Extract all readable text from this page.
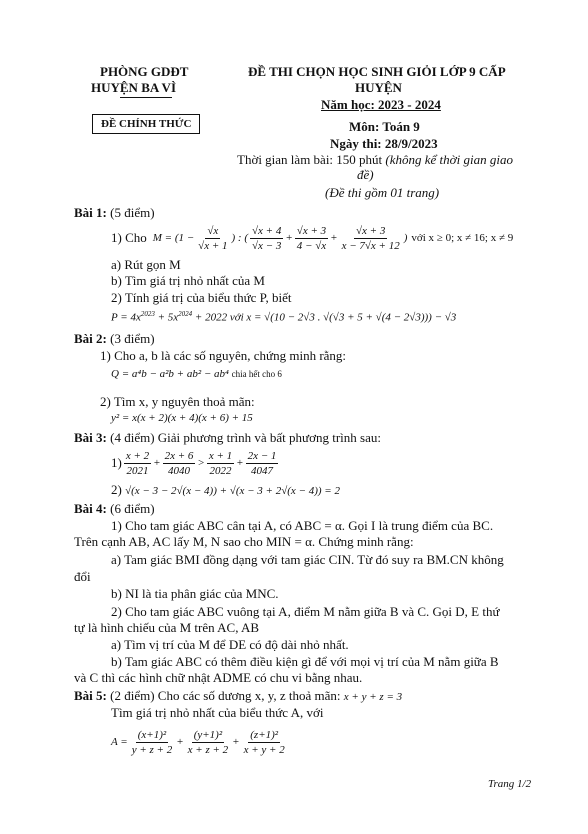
PHÒNG GDĐT
HUYỆN BA VÌ
ĐỀ CHÍNH THỨC
ĐỀ THI CHỌN HỌC SINH GIỎI LỚP 9 CẤP
HUYỆN
Năm học: 2023 - 2024
Môn: Toán 9
Ngày thi: 28/9/2023
Thời gian làm bài: 150 phút (không kể thời gian giao
đề)
(Đề thi gồm 01 trang)
Bài 1: (5 điểm)
1) Cho $M = (1 - \frac{√x}{√x + 1}$ ) : ( $\frac{√x + 4}{√x - 3} + \frac{√x + 3}{4 - √x} + \frac{√x + 3}{x - 7√x + 12}$ ) với x ≥ 0; x ≠ 16; x ≠ 9
a) Rút gọn M
b) Tìm giá trị nhỏ nhất của M
2) Tính giá trị của biểu thức P, biết
$P = 4x^{2023} + 5x^{2024} + 2022$ với x = √(10 − 2√3 . √(√3 + 5 + √(4 − 2√3))) − √3
Bài 2: (3 điểm)
1) Cho a, b là các số nguyên, chứng minh rằng:
Q = a⁴b − a²b + ab² − ab⁴ chia hết cho 6
2) Tìm x, y nguyên thoả mãn:
y² = x(x + 2)(x + 4)(x + 6) + 15
Bài 3: (4 điểm) Giải phương trình và bất phương trình sau:
$1) \frac{x + 2}{2021} + \frac{2x + 6}{4040} > \frac{x + 1}{2022} + \frac{2x - 1}{4047}$
2) √(x − 3 − 2√(x − 4)) + √(x − 3 + 2√(x − 4)) = 2
Bài 4: (6 điểm)
1) Cho tam giác ABC cân tại A, có ABC = α. Gọi I là trung điểm của BC.
Trên cạnh AB, AC lấy M, N sao cho MIN = α. Chứng minh rằng:
a) Tam giác BMI đồng dạng với tam giác CIN. Từ đó suy ra BM.CN không
đổi
b) NI là tia phân giác của MNC.
2) Cho tam giác ABC vuông tại A, điểm M nằm giữa B và C. Gọi D, E thứ
tự là hình chiếu của M trên AC, AB
a) Tìm vị trí của M để DE có độ dài nhỏ nhất.
b) Tam giác ABC có thêm điều kiện gì để với mọi vị trí của M nằm giữa B
và C thì các hình chữ nhật ADME có chu vi bằng nhau.
Bài 5: (2 điểm) Cho các số dương x, y, z thoả mãn: x + y + z = 3
Tìm giá trị nhỏ nhất của biểu thức A, với
$A = \frac{\text{(x+1)²}}{y + z + 2} + \frac{\text{(y+1)²}}{x + z + 2} + \frac{\text{(z+1)²}}{x + y + 2}$
Trang 1/2
